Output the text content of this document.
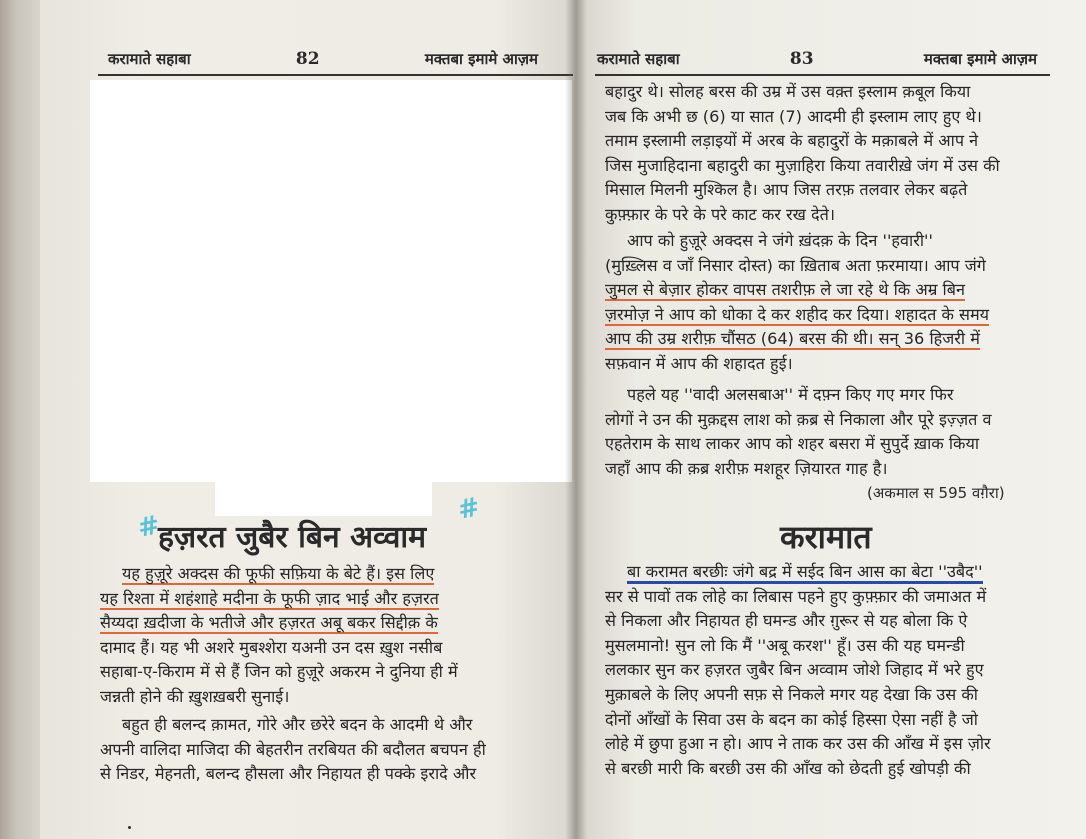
करामाते सहाबा	82	मक्तबा इमामे आज़म
#
#
हज़रत जुबैर बिन अव्वाम
यह हुज़ूरे अक्दस की फूफी सफ़िया के बेटे हैं। इस लिए
यह रिश्ता में शहंशाहे मदीना के फूफी ज़ाद भाई और हज़रत
सैय्यदा ख़दीजा के भतीजे और हज़रत अबू बकर सिद्दीक़ के
दामाद हैं। यह भी अशरे मुबश्शेरा यअनी उन दस ख़ुश नसीब
सहाबा-ए-किराम में से हैं जिन को हुज़ूरे अकरम ने दुनिया ही में
जन्नती होने की ख़ुशख़बरी सुनाई।
बहुत ही बलन्द क़ामत, गोरे और छरेरे बदन के आदमी थे और
अपनी वालिदा माजिदा की बेहतरीन तरबियत की बदौलत बचपन ही
से निडर, मेहनती, बलन्द हौसला और निहायत ही पक्के इरादे और
करामाते सहाबा	83	मक्तबा इमामे आज़म
बहादुर थे। सोलह बरस की उम्र में उस वक़्त इस्लाम क़बूल किया
जब कि अभी छ (6) या सात (7) आदमी ही इस्लाम लाए हुए थे।
तमाम इस्लामी लड़ाइयों में अरब के बहादुरों के मक़ाबले में आप ने
जिस मुजाहिदाना बहादुरी का मुज़ाहिरा किया तवारीख़े जंग में उस की
मिसाल मिलनी मुश्किल है। आप जिस तरफ़ तलवार लेकर बढ़ते
कुफ़्फ़ार के परे के परे काट कर रख देते।
आप को हुज़ूरे अक्दस ने जंगे ख़ंदक़ के दिन ''हवारी''
(मुख़्लिस व जाँ निसार दोस्त) का ख़िताब अता फ़रमाया। आप जंगे
जुमल से बेज़ार होकर वापस तशरीफ़ ले जा रहे थे कि अम्र बिन
ज़रमोज़ ने आप को धोका दे कर शहीद कर दिया। शहादत के समय
आप की उम्र शरीफ़ चौंसठ (64) बरस की थी। सन् 36 हिजरी में
सफ़वान में आप की शहादत हुई।
पहले यह ''वादी अलसबाअ'' में दफ़्न किए गए मगर फिर
लोगों ने उन की मुक़द्दस लाश को क़ब्र से निकाला और पूरे इज़्ज़त व
एहतेराम के साथ लाकर आप को शहर बसरा में सुपुर्दे ख़ाक किया
जहाँ आप की क़ब्र शरीफ़ मशहूर ज़ियारत गाह है।
(अकमाल स 595 वग़ैरा)
करामात
बा करामत बरछीः जंगे बद्र में सईद बिन आस का बेटा ''उबैद''
सर से पावों तक लोहे का लिबास पहने हुए कुफ़्फ़ार की जमाअत में
से निकला और निहायत ही घमन्ड और ग़ुरूर से यह बोला कि ऐ
मुसलमानो! सुन लो कि मैं ''अबू करश'' हूँ। उस की यह घमन्डी
ललकार सुन कर हज़रत जुबैर बिन अव्वाम जोशे जिहाद में भरे हुए
मुक़ाबले के लिए अपनी सफ़ से निकले मगर यह देखा कि उस की
दोनों आँखों के सिवा उस के बदन का कोई हिस्सा ऐसा नहीं है जो
लोहे में छुपा हुआ न हो। आप ने ताक कर उस की आँख में इस ज़ोर
से बरछी मारी कि बरछी उस की आँख को छेदती हुई खोपड़ी की
